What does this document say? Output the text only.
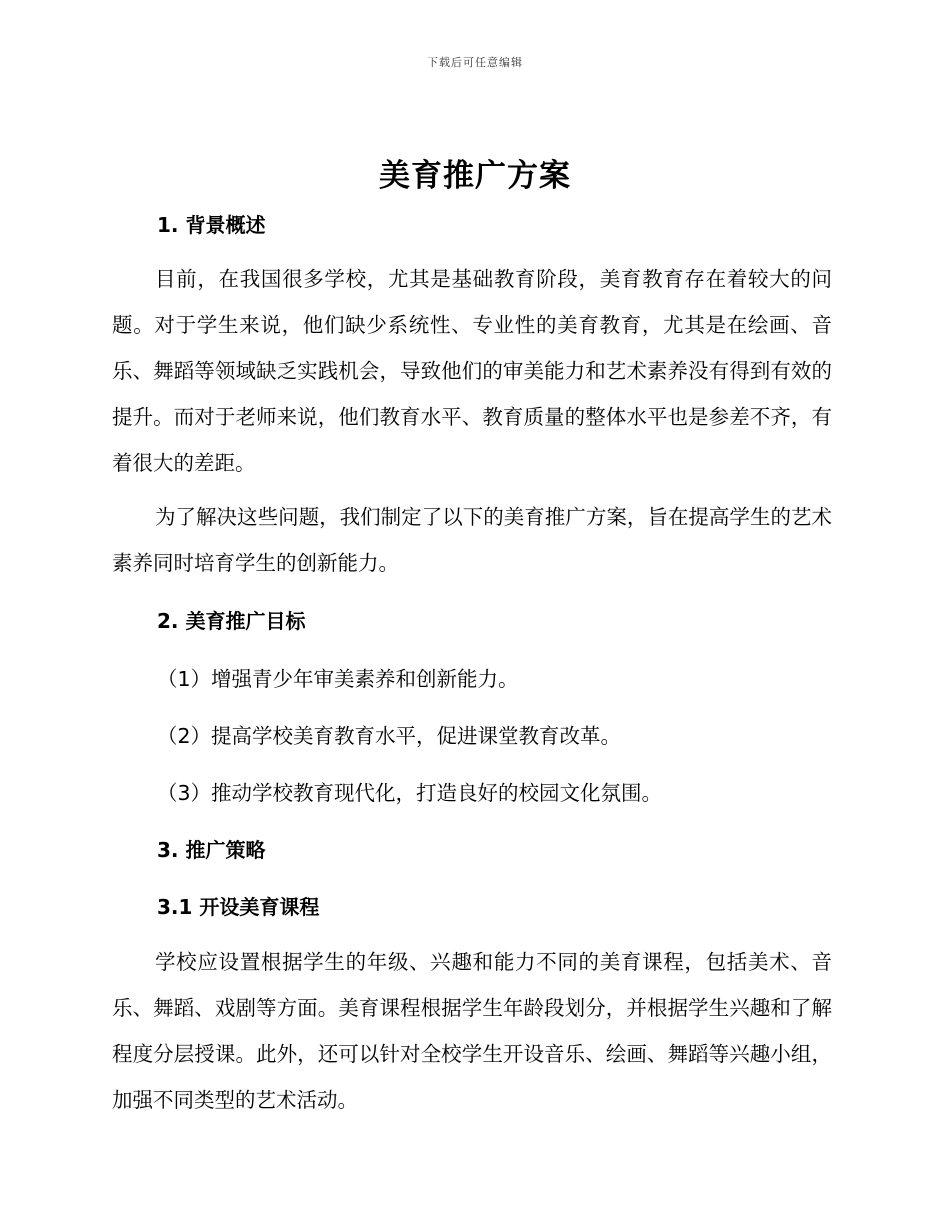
下载后可任意编辑
美育推广方案
1. 背景概述

目前，在我国很多学校，尤其是基础教育阶段，美育教育存在着较大的问题。对于学生来说，他们缺少系统性、专业性的美育教育，尤其是在绘画、音乐、舞蹈等领域缺乏实践机会，导致他们的审美能力和艺术素养没有得到有效的提升。而对于老师来说，他们教育水平、教育质量的整体水平也是参差不齐，有着很大的差距。

为了解决这些问题，我们制定了以下的美育推广方案，旨在提高学生的艺术素养同时培育学生的创新能力。

2. 美育推广目标
（1）增强青少年审美素养和创新能力。
（2）提高学校美育教育水平，促进课堂教育改革。
（3）推动学校教育现代化，打造良好的校园文化氛围。
3. 推广策略
3.1 开设美育课程

学校应设置根据学生的年级、兴趣和能力不同的美育课程，包括美术、音乐、舞蹈、戏剧等方面。美育课程根据学生年龄段划分，并根据学生兴趣和了解程度分层授课。此外，还可以针对全校学生开设音乐、绘画、舞蹈等兴趣小组，加强不同类型的艺术活动。
